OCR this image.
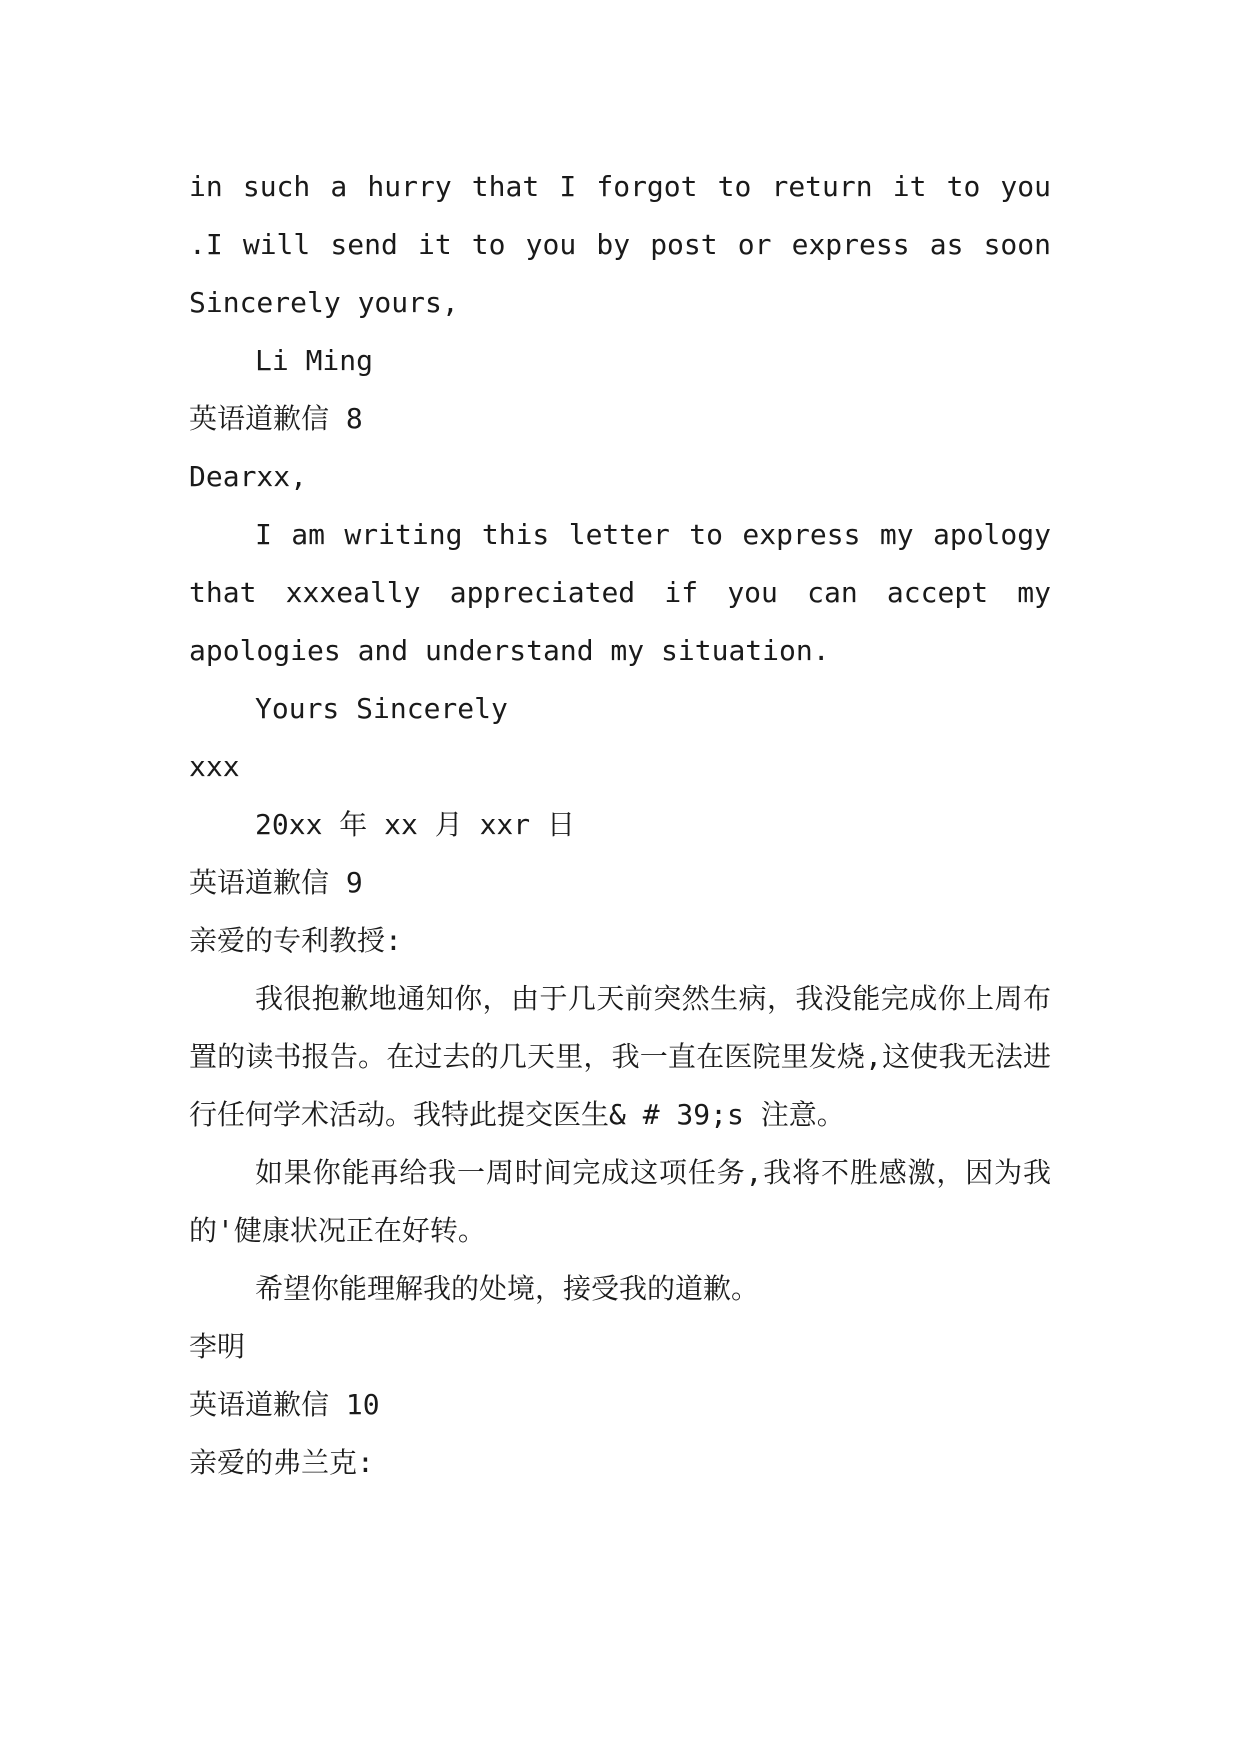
in such a hurry that I forgot to return it to you .I will send it to you by post or express as soon Sincerely yours,

Li Ming

英语道歉信 8

Dearxx,

I am writing this letter to express my apology that xxxeally appreciated if you can accept my apologies and understand my situation.

Yours Sincerely

xxx

20xx 年 xx 月 xxr 日

英语道歉信 9

亲爱的专利教授:

我很抱歉地通知你，由于几天前突然生病，我没能完成你上周布置的读书报告。在过去的几天里，我一直在医院里发烧,这使我无法进行任何学术活动。我特此提交医生& # 39;s 注意。

如果你能再给我一周时间完成这项任务,我将不胜感激，因为我的'健康状况正在好转。

希望你能理解我的处境，接受我的道歉。

李明

英语道歉信 10

亲爱的弗兰克:
